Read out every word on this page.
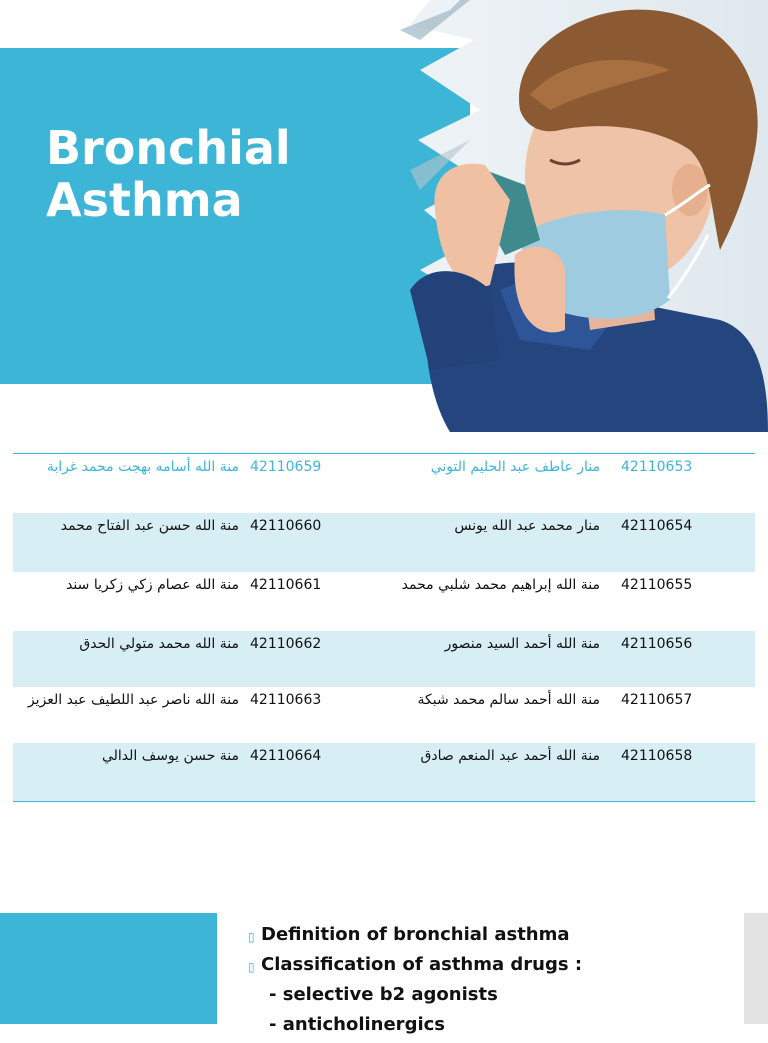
Bronchial
Asthma
منة الله أسامه بهجت محمد غرابة 42110659	منار عاطف عبد الحليم التوني 42110653
منة الله حسن عبد الفتاح محمد 42110660	منار محمد عبد الله يونس 42110654
منة الله عصام زكي زكريا سند 42110661	منة الله إبراهيم محمد شلبي محمد 42110655
منة الله محمد متولي الحدق 42110662	منة الله أحمد السيد منصور 42110656
منة الله ناصر عبد اللطيف عبد العزيز 42110663	منة الله أحمد سالم محمد شبكة 42110657
منة حسن يوسف الدالي 42110664	منة الله أحمد عبد المنعم صادق 42110658
▯ Definition of bronchial asthma
▯ Classification of asthma drugs :
- selective b2 agonists
- anticholinergics
